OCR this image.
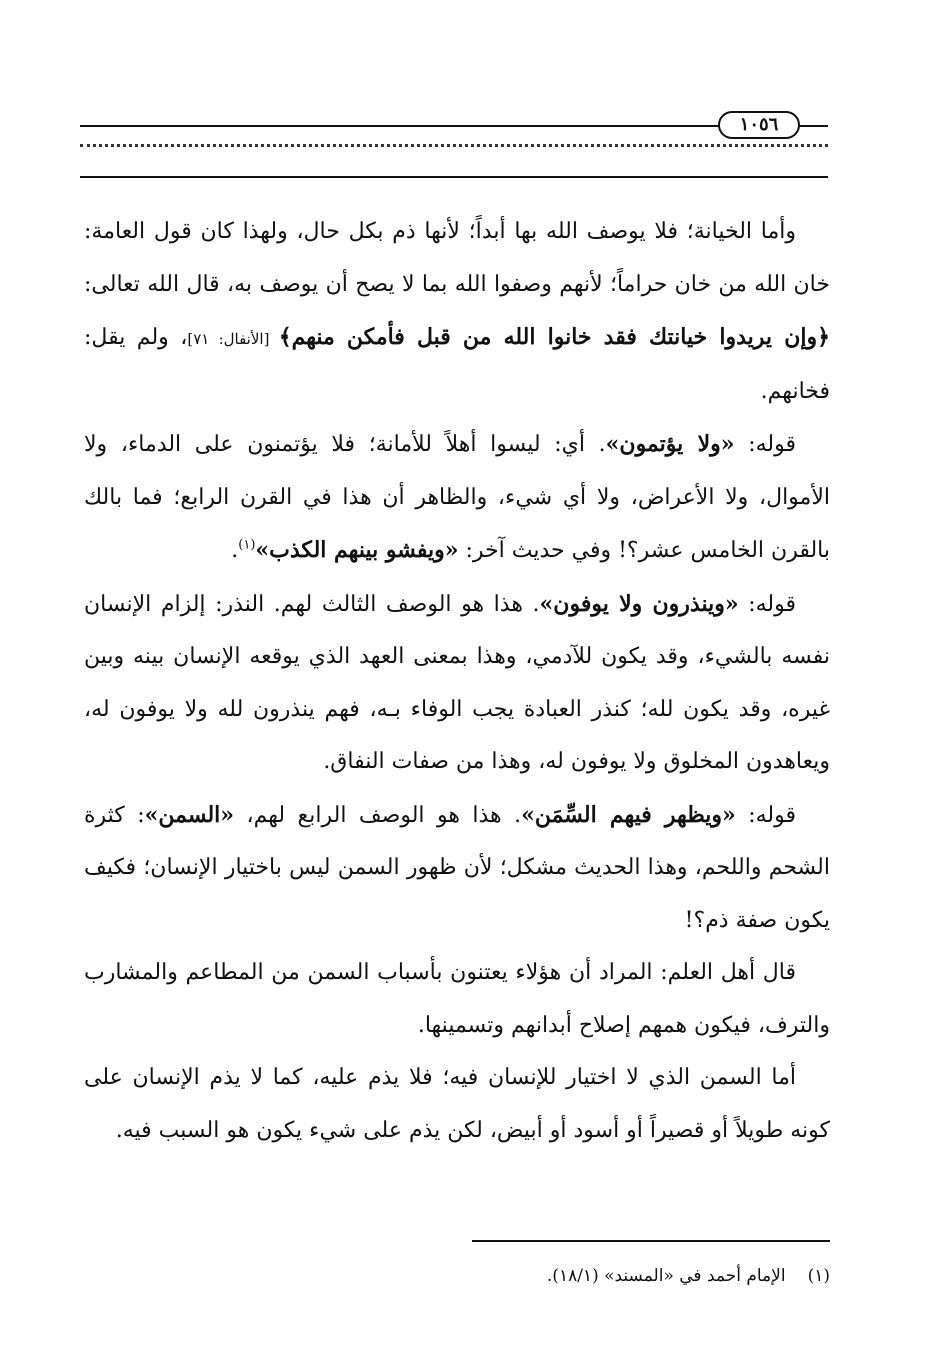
١٠٥٦

وأما الخيانة؛ فلا يوصف الله بها أبداً؛ لأنها ذم بكل حال، ولهذا كان قول العامة: خان الله من خان حراماً؛ لأنهم وصفوا الله بما لا يصح أن يوصف به، قال الله تعالى: ﴿وإن يريدوا خيانتك فقد خانوا الله من قبل فأمكن منهم﴾ [الأنفال: ٧١]، ولم يقل: فخانهم.

قوله: «ولا يؤتمون». أي: ليسوا أهلاً للأمانة؛ فلا يؤتمنون على الدماء، ولا الأموال، ولا الأعراض، ولا أي شيء، والظاهر أن هذا في القرن الرابع؛ فما بالك بالقرن الخامس عشر؟! وفي حديث آخر: «ويفشو بينهم الكذب»$^{(١)}$.

قوله: «وينذرون ولا يوفون». هذا هو الوصف الثالث لهم. النذر: إلزام الإنسان نفسه بالشيء، وقد يكون للآدمي، وهذا بمعنى العهد الذي يوقعه الإنسان بينه وبين غيره، وقد يكون لله؛ كنذر العبادة يجب الوفاء بـه، فهم ينذرون لله ولا يوفون له، ويعاهدون المخلوق ولا يوفون له، وهذا من صفات النفاق.

قوله: «ويظهر فيهم السِّمَن». هذا هو الوصف الرابع لهم، «السمن»: كثرة الشحم واللحم، وهذا الحديث مشكل؛ لأن ظهور السمن ليس باختيار الإنسان؛ فكيف يكون صفة ذم؟!

قال أهل العلم: المراد أن هؤلاء يعتنون بأسباب السمن من المطاعم والمشارب والترف، فيكون همهم إصلاح أبدانهم وتسمينها.

أما السمن الذي لا اختيار للإنسان فيه؛ فلا يذم عليه، كما لا يذم الإنسان على كونه طويلاً أو قصيراً أو أسود أو أبيض، لكن يذم على شيء يكون هو السبب فيه.

(١)الإمام أحمد في «المسند» (١٨/١).
